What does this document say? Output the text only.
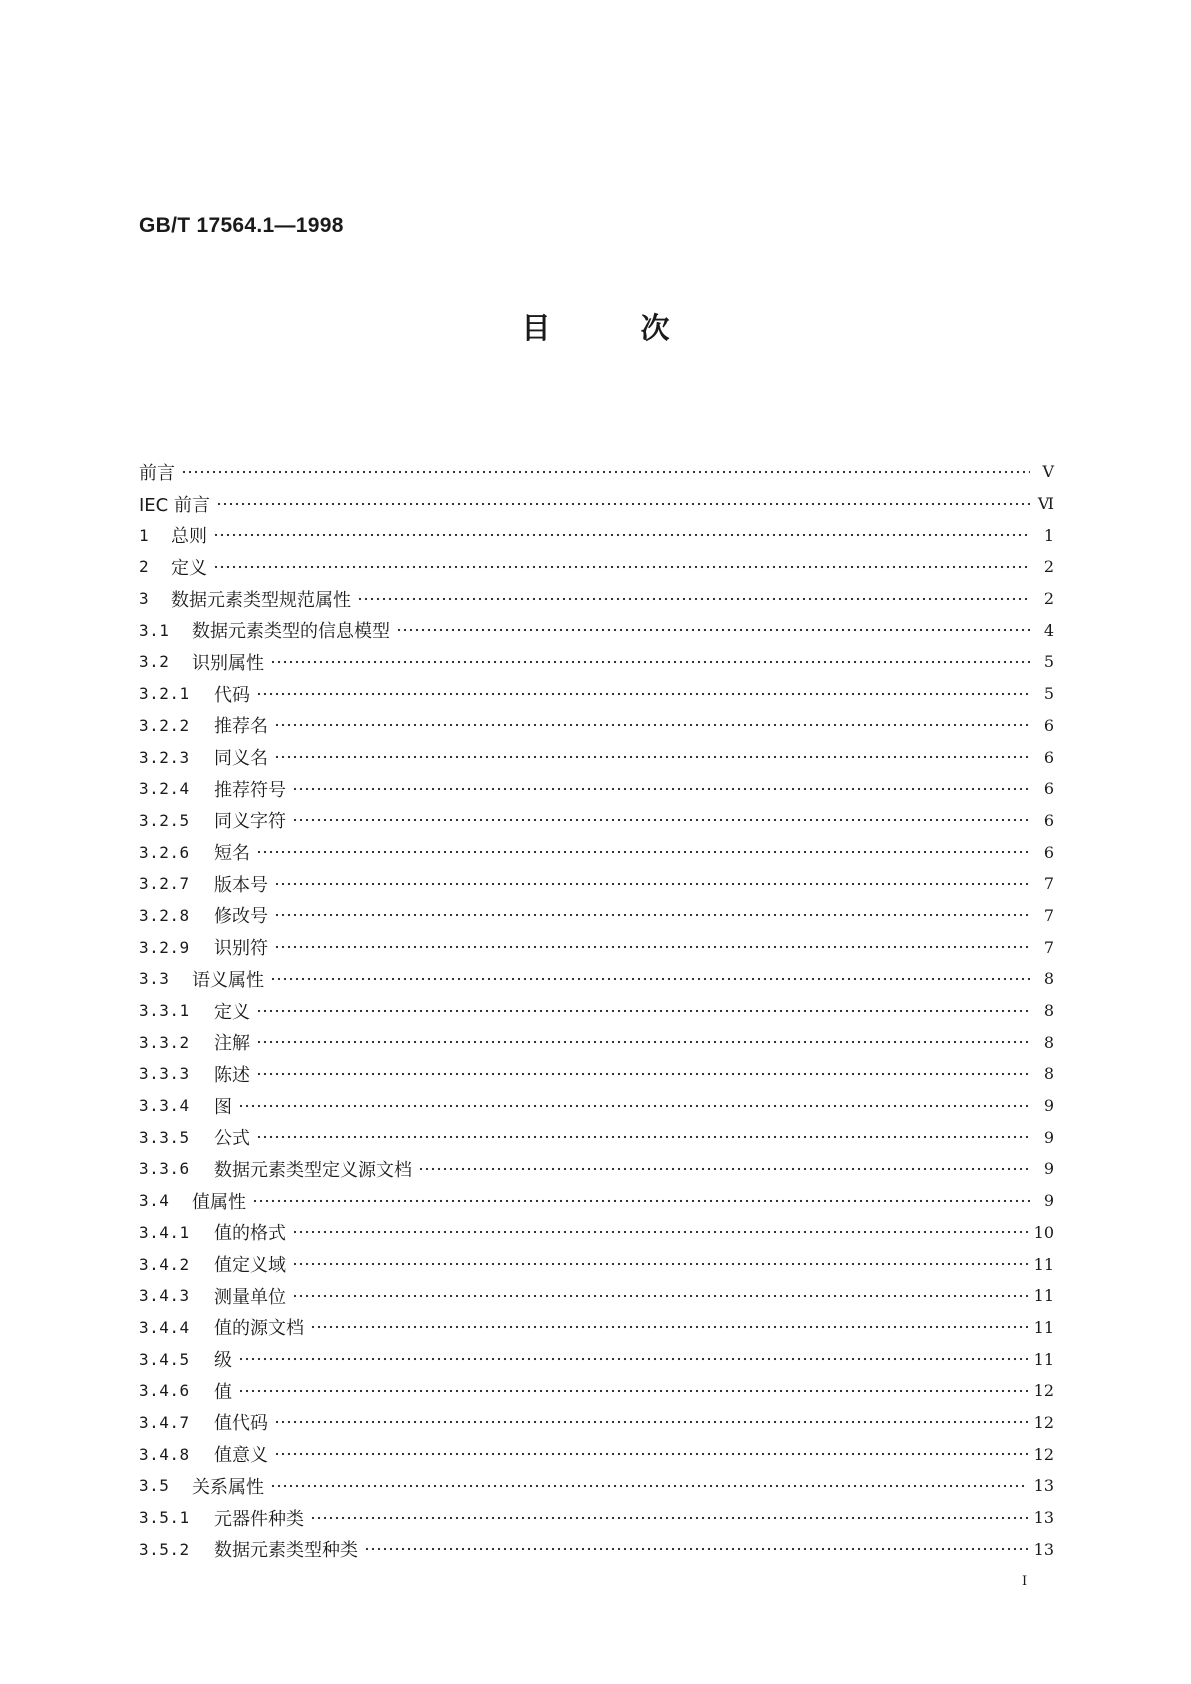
GB/T 17564.1—1998
目	次
前言	V
IEC 前言	Ⅵ
1	总则	1
2	定义	2
3	数据元素类型规范属性	2
3.1	数据元素类型的信息模型	4
3.2	识别属性	5
3.2.1	代码	5
3.2.2	推荐名	6
3.2.3	同义名	6
3.2.4	推荐符号	6
3.2.5	同义字符	6
3.2.6	短名	6
3.2.7	版本号	7
3.2.8	修改号	7
3.2.9	识别符	7
3.3	语义属性	8
3.3.1	定义	8
3.3.2	注解	8
3.3.3	陈述	8
3.3.4	图	9
3.3.5	公式	9
3.3.6	数据元素类型定义源文档	9
3.4	值属性	9
3.4.1	值的格式	10
3.4.2	值定义域	11
3.4.3	测量单位	11
3.4.4	值的源文档	11
3.4.5	级	11
3.4.6	值	12
3.4.7	值代码	12
3.4.8	值意义	12
3.5	关系属性	13
3.5.1	元器件种类	13
3.5.2	数据元素类型种类	13
I
